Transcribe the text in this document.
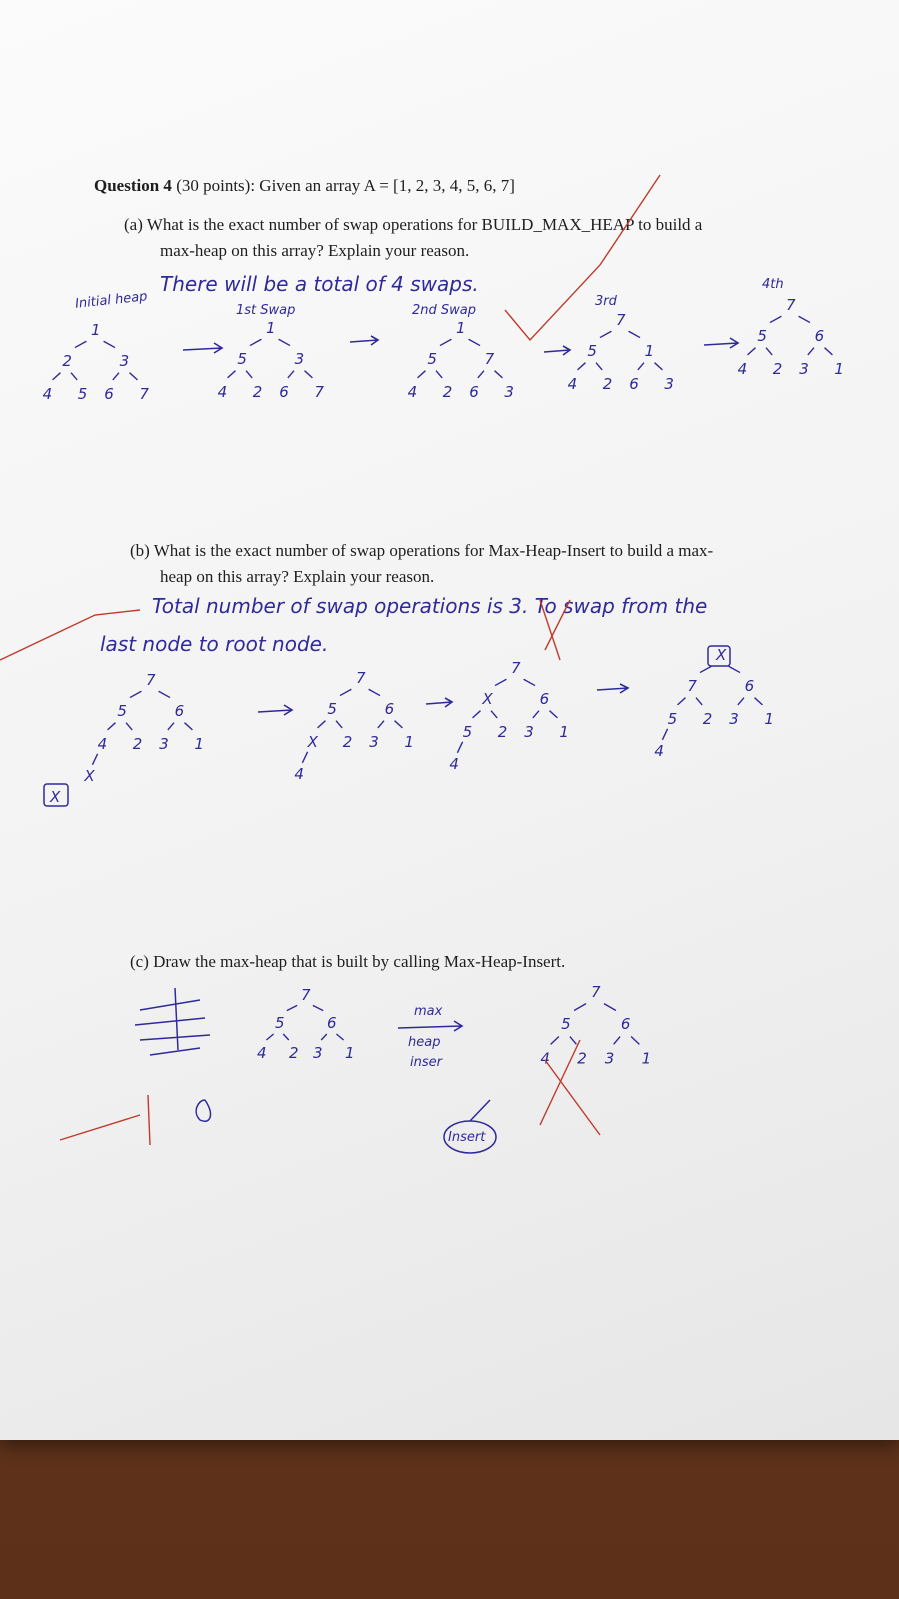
Question 4 (30 points): Given an array A = [1, 2, 3, 4, 5, 6, 7]
(a) What is the exact number of swap operations for BUILD_MAX_HEAP to build a
max-heap on this array? Explain your reason.
There will be a total of 4 swaps.
Initial heap	1st Swap	2nd Swap
3rd
4th
(b) What is the exact number of swap operations for Max-Heap-Insert to build a max-
heap on this array? Explain your reason.
Total number of swap operations is 3. To swap from the
last node to root node.
(c) Draw the max-heap that is built by calling Max-Heap-Insert.
max
heap
inser
Insert
1
2	3
4 5 6 7
1
5	3
4 2 6 7
1
5	7
4 2 6 3
7
5	1
4 2 6 3
7
5	6
4 2 3 1
7
5	6
4 2 3 1
X
7
5	6
X 2 3 1
4
7
X	6
5 2 3 1
4
X
7	6
5 2 3 1
4
7
5	6
4 2 3 1
7
5	6
4 2 3 1
X
